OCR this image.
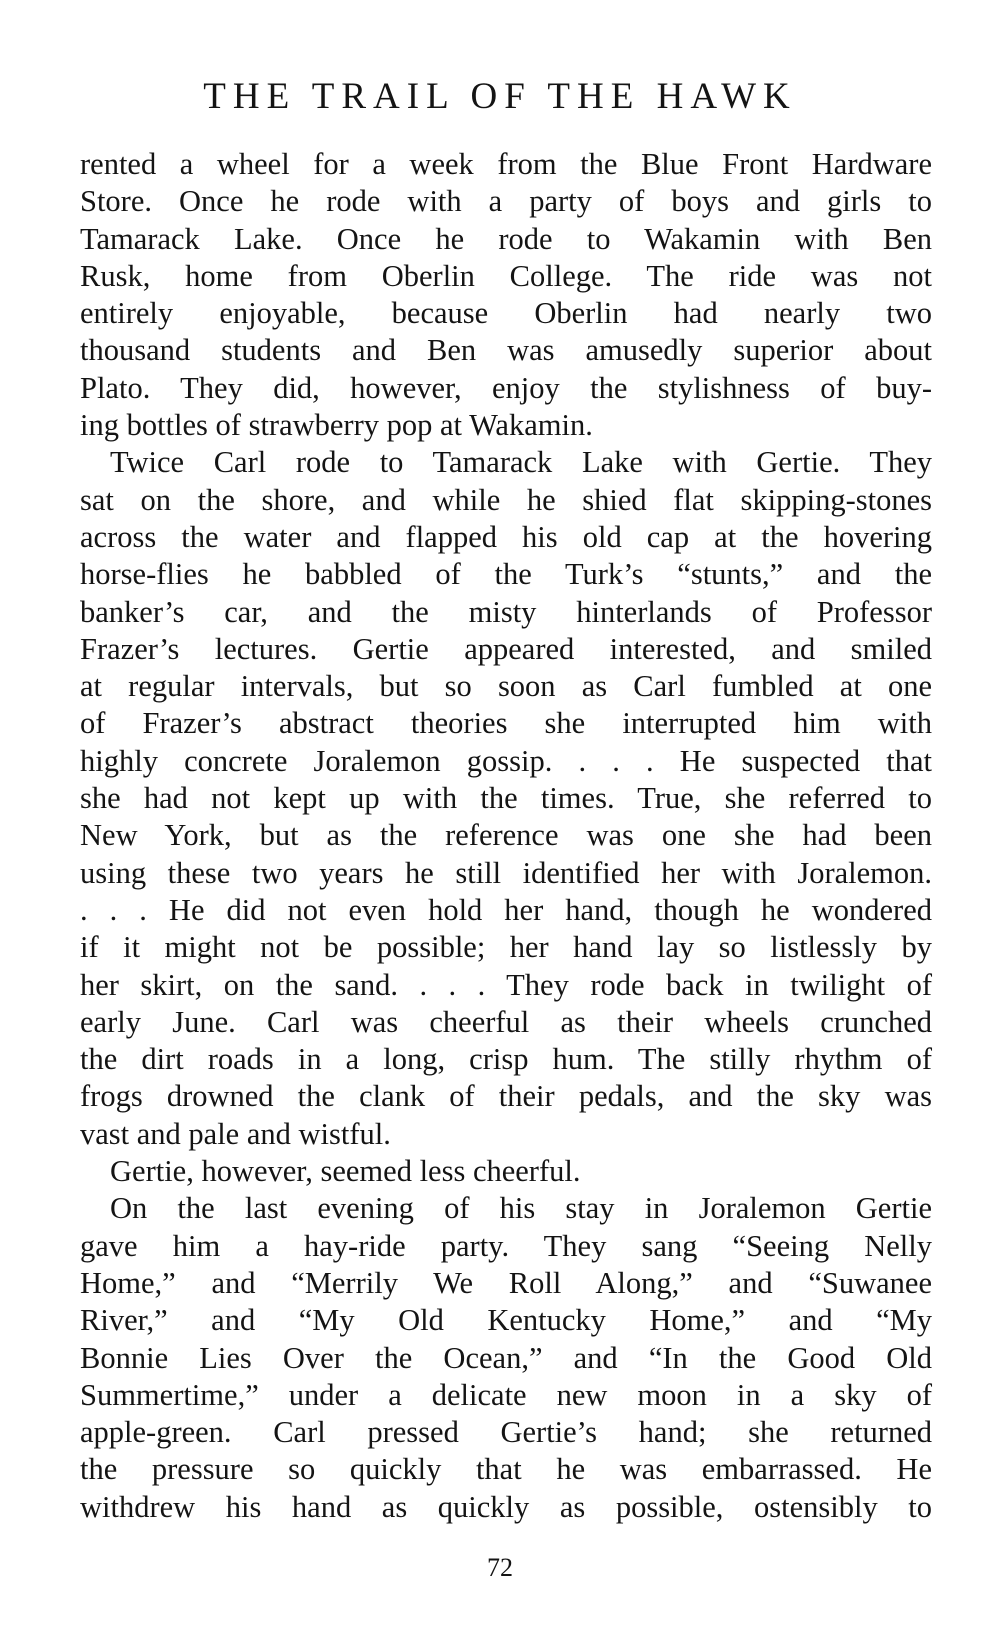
THE TRAIL OF THE HAWK
rented a wheel for a week from the Blue Front Hardware
Store. Once he rode with a party of boys and girls to
Tamarack Lake. Once he rode to Wakamin with Ben
Rusk, home from Oberlin College. The ride was not
entirely enjoyable, because Oberlin had nearly two
thousand students and Ben was amusedly superior about
Plato. They did, however, enjoy the stylishness of buy-
ing bottles of strawberry pop at Wakamin.
Twice Carl rode to Tamarack Lake with Gertie. They
sat on the shore, and while he shied flat skipping-stones
across the water and flapped his old cap at the hovering
horse-flies he babbled of the Turk’s “stunts,” and the
banker’s car, and the misty hinterlands of Professor
Frazer’s lectures. Gertie appeared interested, and smiled
at regular intervals, but so soon as Carl fumbled at one
of Frazer’s abstract theories she interrupted him with
highly concrete Joralemon gossip. . . . He suspected that
she had not kept up with the times. True, she referred to
New York, but as the reference was one she had been
using these two years he still identified her with Joralemon.
. . . He did not even hold her hand, though he wondered
if it might not be possible; her hand lay so listlessly by
her skirt, on the sand. . . . They rode back in twilight of
early June. Carl was cheerful as their wheels crunched
the dirt roads in a long, crisp hum. The stilly rhythm of
frogs drowned the clank of their pedals, and the sky was
vast and pale and wistful.
Gertie, however, seemed less cheerful.
On the last evening of his stay in Joralemon Gertie
gave him a hay-ride party. They sang “Seeing Nelly
Home,” and “Merrily We Roll Along,” and “Suwanee
River,” and “My Old Kentucky Home,” and “My
Bonnie Lies Over the Ocean,” and “In the Good Old
Summertime,” under a delicate new moon in a sky of
apple-green. Carl pressed Gertie’s hand; she returned
the pressure so quickly that he was embarrassed. He
withdrew his hand as quickly as possible, ostensibly to
72
